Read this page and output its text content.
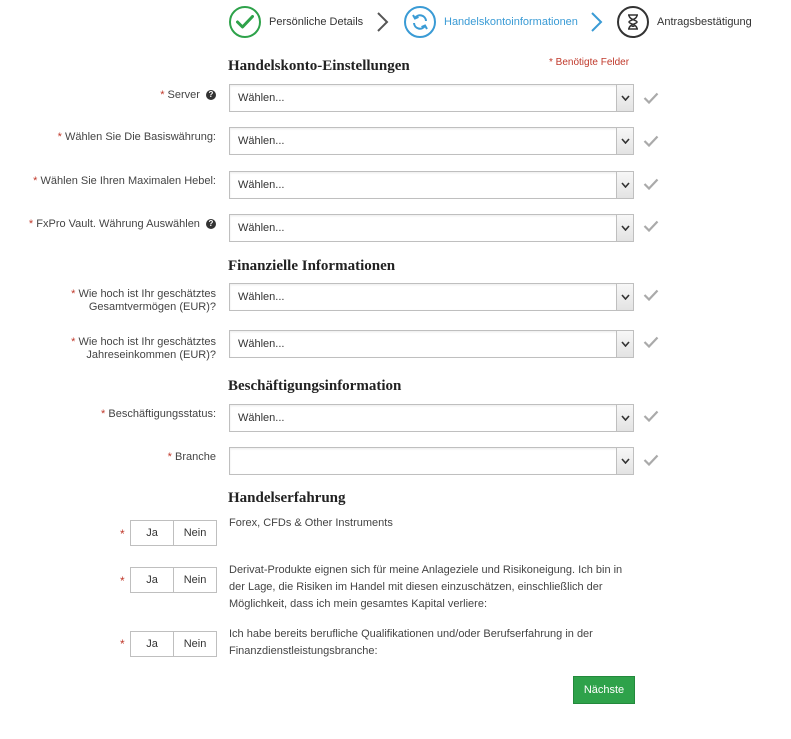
Persönliche Details	Handelskontoinformationen	Antragsbestätigung
Handelskonto-Einstellungen	* Benötigte Felder
* Server ? Wählen...
* Wählen Sie Die Basiswährung: Wählen...
* Wählen Sie Ihren Maximalen Hebel: Wählen...
* FxPro Vault. Währung Auswählen ? Wählen...
Finanzielle Informationen
* Wie hoch ist Ihr geschätztes
Gesamtvermögen (EUR)?
Wählen...
* Wie hoch ist Ihr geschätztes
Jahreseinkommen (EUR)?
Wählen...
Beschäftigungsinformation
* Beschäftigungsstatus: Wählen...
* Branche
Handelserfahrung
*	Ja	Nein
Forex, CFDs & Other Instruments
*	Ja	Nein
Derivat-Produkte eignen sich für meine Anlageziele und Risikoneigung. Ich bin in der Lage, die Risiken im Handel mit diesen einzuschätzen, einschließlich der Möglichkeit, dass ich mein gesamtes Kapital verliere:
*	Ja	Nein
Ich habe bereits berufliche Qualifikationen und/oder Berufserfahrung in der Finanzdienstleistungsbranche:
Nächste
